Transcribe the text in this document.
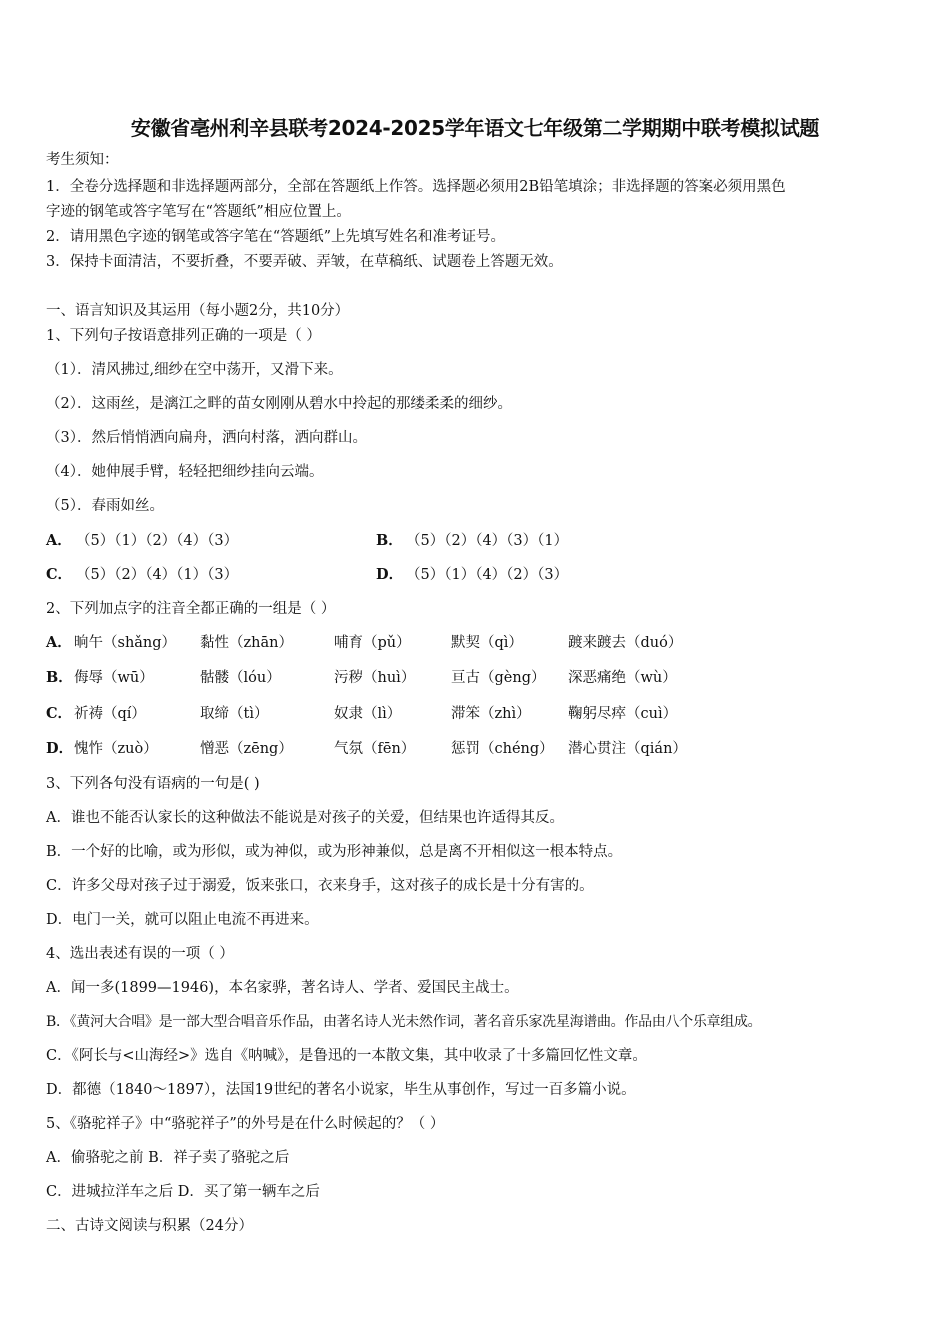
安徽省亳州利辛县联考2024-2025学年语文七年级第二学期期中联考模拟试题
考生须知：
1．全卷分选择题和非选择题两部分，全部在答题纸上作答。选择题必须用2B铅笔填涂；非选择题的答案必须用黑色
字迹的钢笔或答字笔写在“答题纸”相应位置上。
2．请用黑色字迹的钢笔或答字笔在“答题纸”上先填写姓名和准考证号。
3．保持卡面清洁，不要折叠，不要弄破、弄皱，在草稿纸、试题卷上答题无效。
一、语言知识及其运用（每小题2分，共10分）
1、下列句子按语意排列正确的一项是（ ）
（1）．清风拂过,细纱在空中荡开，又滑下来。
（2）．这雨丝，是漓江之畔的苗女刚刚从碧水中拎起的那缕柔柔的细纱。
（3）．然后悄悄洒向扁舟，洒向村落，洒向群山。
（4）．她伸展手臂，轻轻把细纱挂向云端。
（5）．春雨如丝。
A． （5）（1）（2）（4）（3）	B． （5）（2）（4）（3）（1）
C． （5）（2）（4）（1）（3）	D． （5）（1）（4）（2）（3）
2、下列加点字的注音全都正确的一组是（ ）
A． 晌午（shǎng） 黏性（zhān）	哺育（pǔ）	默契（qì）	踱来踱去（duó）
B． 侮辱（wū）	骷髅（lóu）	污秽（huì） 亘古（gèng） 深恶痛绝（wù）
C． 祈祷（qí）	取缔（tì）	奴隶（lì）	滞笨（zhì）	鞠躬尽瘁（cuì）
D． 愧怍（zuò）	憎恶（zēng）	气氛（fēn） 惩罚（chéng） 潜心贯注（qián）
3、下列各句没有语病的一句是( )
A．谁也不能否认家长的这种做法不能说是对孩子的关爱，但结果也许适得其反。
B．一个好的比喻，或为形似，或为神似，或为形神兼似，总是离不开相似这一根本特点。
C．许多父母对孩子过于溺爱，饭来张口，衣来身手，这对孩子的成长是十分有害的。
D．电门一关，就可以阻止电流不再进来。
4、选出表述有误的一项（ ）
A．闻一多(1899—1946)，本名家骅，著名诗人、学者、爱国民主战士。
B．《黄河大合唱》是一部大型合唱音乐作品，由著名诗人光未然作词，著名音乐家冼星海谱曲。作品由八个乐章组成。
C．《阿长与<山海经>》选自《呐喊》，是鲁迅的一本散文集，其中收录了十多篇回忆性文章。
D．都德（1840～1897），法国19世纪的著名小说家，毕生从事创作，写过一百多篇小说。
5、《骆驼祥子》中“骆驼祥子”的外号是在什么时候起的？（ ）
A．偷骆驼之前 B．祥子卖了骆驼之后
C．进城拉洋车之后 D．买了第一辆车之后
二、古诗文阅读与积累（24分）
